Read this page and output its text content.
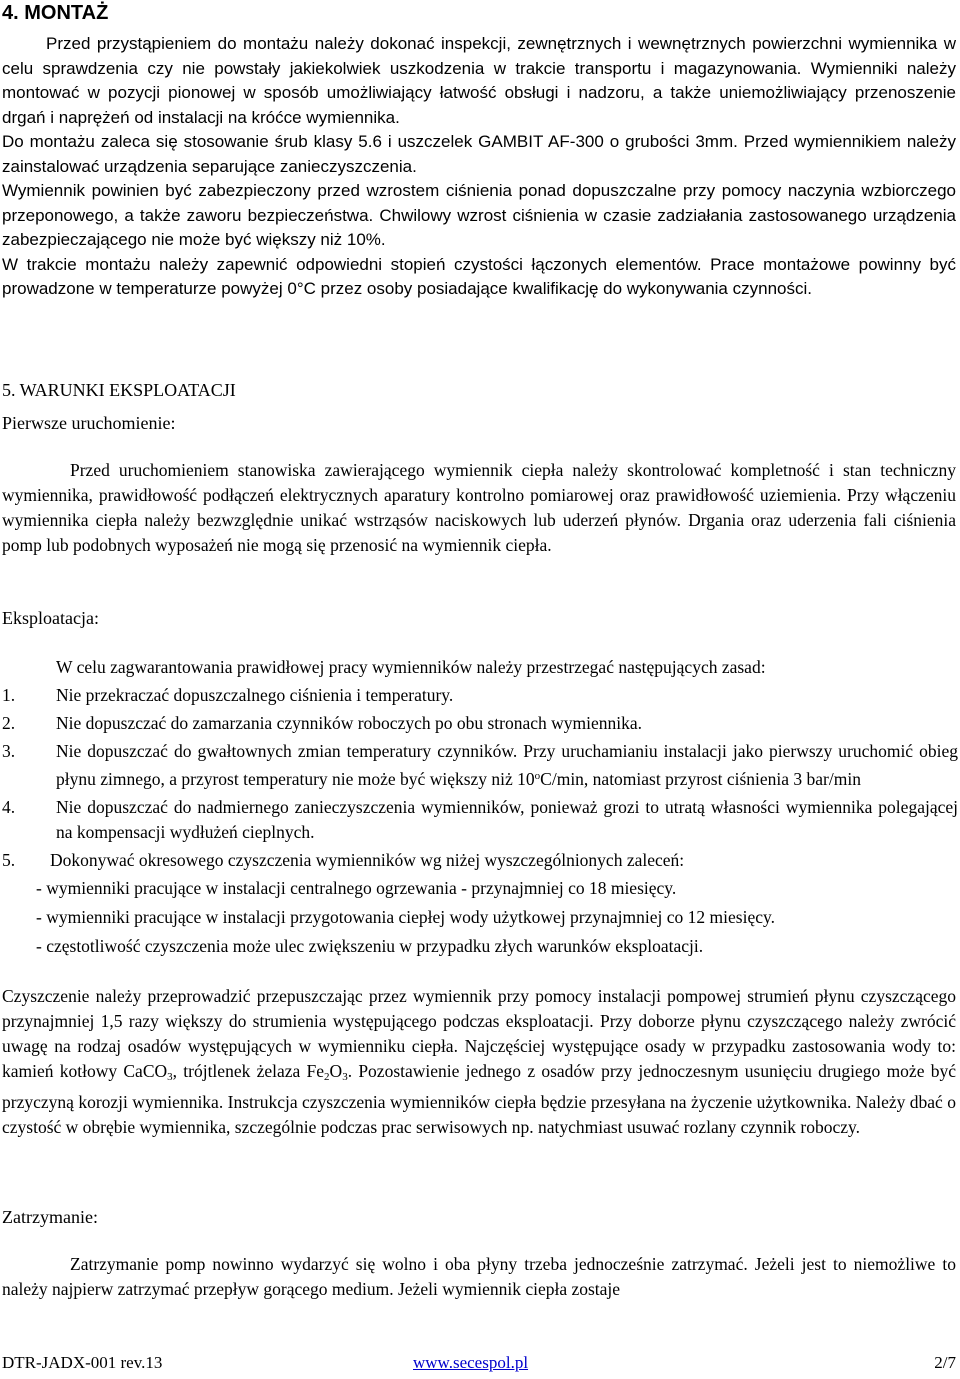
4. MONTAŻ

Przed przystąpieniem do montażu należy dokonać inspekcji, zewnętrznych i wewnętrznych powierzchni wymiennika w celu sprawdzenia czy nie powstały jakiekolwiek uszkodzenia w trakcie transportu i magazynowania. Wymienniki należy montować w pozycji pionowej w sposób umożliwiający łatwość obsługi i nadzoru, a także uniemożliwiający przenoszenie drgań i naprężeń od instalacji na króćce wymiennika.

Do montażu zaleca się stosowanie śrub klasy 5.6 i uszczelek GAMBIT AF-300 o grubości 3mm. Przed wymiennikiem należy zainstalować urządzenia separujące zanieczyszczenia.

Wymiennik powinien być zabezpieczony przed wzrostem ciśnienia ponad dopuszczalne przy pomocy naczynia wzbiorczego przeponowego, a także zaworu bezpieczeństwa. Chwilowy wzrost ciśnienia w czasie zadziałania zastosowanego urządzenia zabezpieczającego nie może być większy niż 10%.

W trakcie montażu należy zapewnić odpowiedni stopień czystości łączonych elementów. Prace montażowe powinny być prowadzone w temperaturze powyżej 0°C przez osoby posiadające kwalifikację do wykonywania czynności.

5. WARUNKI EKSPLOATACJI
Pierwsze uruchomienie:

Przed uruchomieniem stanowiska zawierającego wymiennik ciepła należy skontrolować kompletność i stan techniczny wymiennika, prawidłowość podłączeń elektrycznych aparatury kontrolno pomiarowej oraz prawidłowość uziemienia. Przy włączeniu wymiennika ciepła należy bezwzględnie unikać wstrząsów naciskowych lub uderzeń płynów. Drgania oraz uderzenia fali ciśnienia pomp lub podobnych wyposażeń nie mogą się przenosić na wymiennik ciepła.

Eksploatacja:

W celu zagwarantowania prawidłowej pracy wymienników należy przestrzegać następujących zasad:

1. Nie przekraczać dopuszczalnego ciśnienia i temperatury.
2. Nie dopuszczać do zamarzania czynników roboczych po obu stronach wymiennika.
3. Nie dopuszczać do gwałtownych zmian temperatury czynników. Przy uruchamianiu instalacji jako pierwszy uruchomić obieg płynu zimnego, a przyrost temperatury nie może być większy niż 10$^o$C/min, natomiast przyrost ciśnienia 3 bar/min
4. Nie dopuszczać do nadmiernego zanieczyszczenia wymienników, ponieważ grozi to utratą własności wymiennika polegającej na kompensacji wydłużeń cieplnych.
5. Dokonywać okresowego czyszczenia wymienników wg niżej wyszczególnionych zaleceń:
- wymienniki pracujące w instalacji centralnego ogrzewania - przynajmniej co 18 miesięcy.
- wymienniki pracujące w instalacji przygotowania ciepłej wody użytkowej przynajmniej co 12 miesięcy.
- częstotliwość czyszczenia może ulec zwiększeniu w przypadku złych warunków eksploatacji.

Czyszczenie należy przeprowadzić przepuszczając przez wymiennik przy pomocy instalacji pompowej strumień płynu czyszczącego przynajmniej 1,5 razy większy do strumienia występującego podczas eksploatacji. Przy doborze płynu czyszczącego należy zwrócić uwagę na rodzaj osadów występujących w wymienniku ciepła. Najczęściej występujące osady w przypadku zastosowania wody to: kamień kotłowy CaCO$_3$, trójtlenek żelaza $Fe_2O_3$. Pozostawienie jednego z osadów przy jednoczesnym usunięciu drugiego może być przyczyną korozji wymiennika. Instrukcja czyszczenia wymienników ciepła będzie przesyłana na życzenie użytkownika. Należy dbać o czystość w obrębie wymiennika, szczególnie podczas prac serwisowych np. natychmiast usuwać rozlany czynnik roboczy.

Zatrzymanie:

Zatrzymanie pomp nowinno wydarzyć się wolno i oba płyny trzeba jednocześnie zatrzymać. Jeżeli jest to niemożliwe to należy najpierw zatrzymać przepływ gorącego medium. Jeżeli wymiennik ciepła zostaje

DTR-JADX-001 rev.13	www.secespol.pl	2/7
